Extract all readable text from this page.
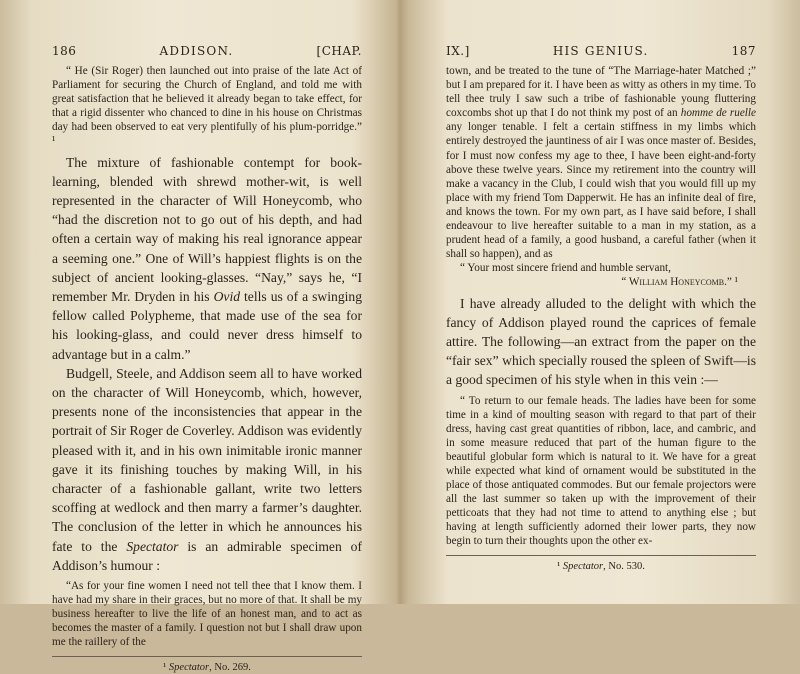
186	ADDISON.	[CHAP.

“ He (Sir Roger) then launched out into praise of the late Act of Parliament for securing the Church of England, and told me with great satisfaction that he believed it already began to take effect, for that a rigid dissenter who chanced to dine in his house on Christmas day had been observed to eat very plentifully of his plum-porridge.” ¹

The mixture of fashionable contempt for book-learning, blended with shrewd mother-wit, is well represented in the character of Will Honeycomb, who “had the discretion not to go out of his depth, and had often a certain way of making his real ignorance appear a seeming one.” One of Will’s happiest flights is on the subject of ancient looking-glasses. “Nay,” says he, “I remember Mr. Dryden in his Ovid tells us of a swinging fellow called Polypheme, that made use of the sea for his looking-glass, and could never dress himself to advantage but in a calm.”

Budgell, Steele, and Addison seem all to have worked on the character of Will Honeycomb, which, however, presents none of the inconsistencies that appear in the portrait of Sir Roger de Coverley. Addison was evidently pleased with it, and in his own inimitable ironic manner gave it its finishing touches by making Will, in his character of a fashionable gallant, write two letters scoffing at wedlock and then marry a farmer’s daughter. The conclusion of the letter in which he announces his fate to the Spectator is an admirable specimen of Addison’s humour :

“As for your fine women I need not tell thee that I know them. I have had my share in their graces, but no more of that. It shall be my business hereafter to live the life of an honest man, and to act as becomes the master of a family. I question not but I shall draw upon me the raillery of the

¹ Spectator, No. 269.

IX.]	HIS GENIUS.	187

town, and be treated to the tune of “The Marriage-hater Matched ;” but I am prepared for it. I have been as witty as others in my time. To tell thee truly I saw such a tribe of fashionable young fluttering coxcombs shot up that I do not think my post of an homme de ruelle any longer tenable. I felt a certain stiffness in my limbs which entirely destroyed the jauntiness of air I was once master of. Besides, for I must now confess my age to thee, I have been eight-and-forty above these twelve years. Since my retirement into the country will make a vacancy in the Club, I could wish that you would fill up my place with my friend Tom Dapperwit. He has an infinite deal of fire, and knows the town. For my own part, as I have said before, I shall endeavour to live hereafter suitable to a man in my station, as a prudent head of a family, a good husband, a careful father (when it shall so happen), and as

“ Your most sincere friend and humble servant,

“ William Honeycomb.” ¹

I have already alluded to the delight with which the fancy of Addison played round the caprices of female attire. The following—an extract from the paper on the “fair sex” which specially roused the spleen of Swift—is a good specimen of his style when in this vein :—

“ To return to our female heads. The ladies have been for some time in a kind of moulting season with regard to that part of their dress, having cast great quantities of ribbon, lace, and cambric, and in some measure reduced that part of the human figure to the beautiful globular form which is natural to it. We have for a great while expected what kind of ornament would be substituted in the place of those antiquated commodes. But our female projectors were all the last summer so taken up with the improvement of their petticoats that they had not time to attend to anything else ; but having at length sufficiently adorned their lower parts, they now begin to turn their thoughts upon the other ex-

¹ Spectator, No. 530.
